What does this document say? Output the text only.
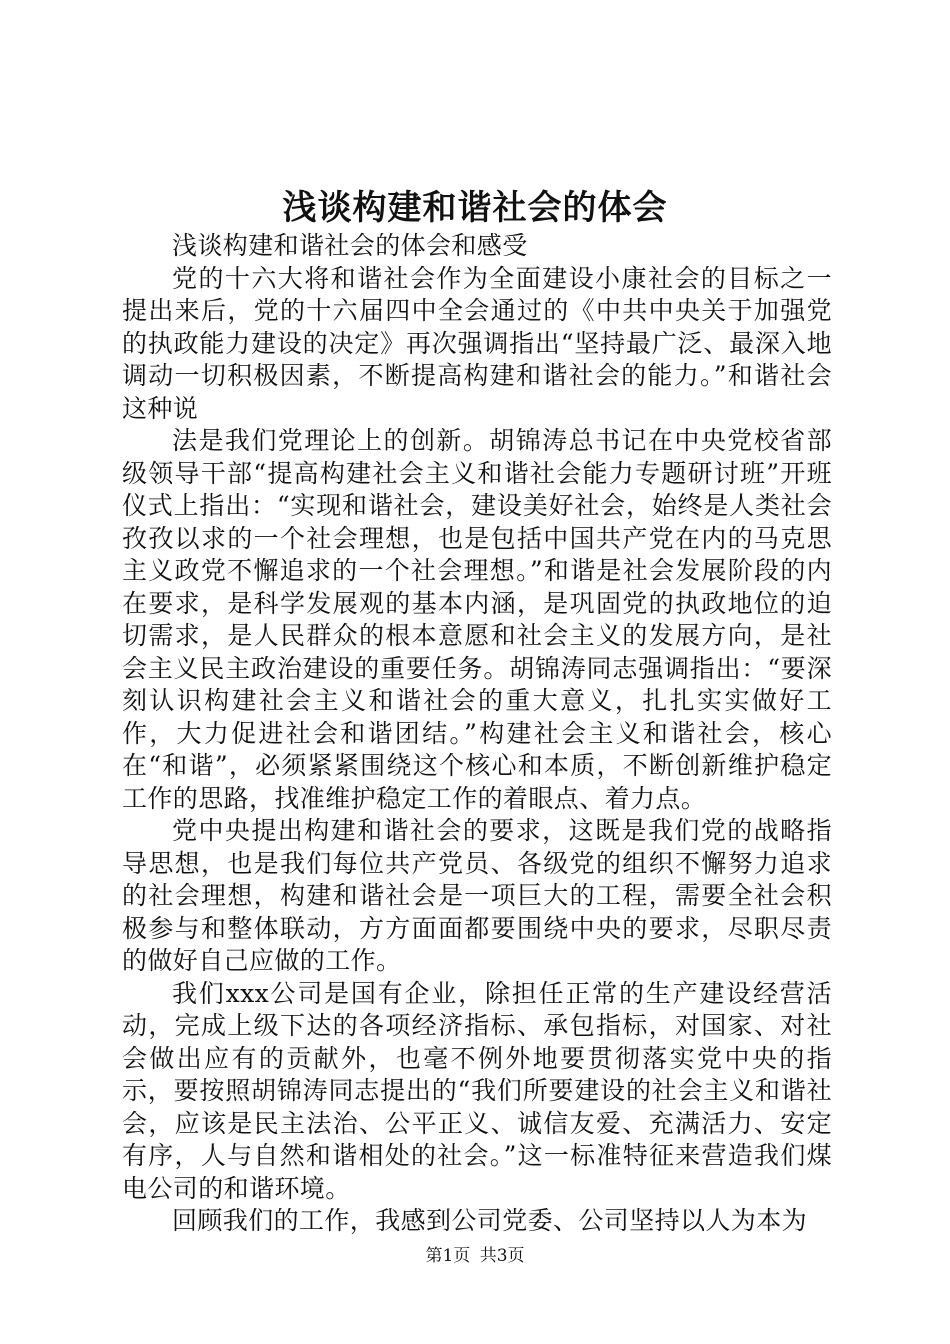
浅谈构建和谐社会的体会

浅谈构建和谐社会的体会和感受

党的十六大将和谐社会作为全面建设小康社会的目标之一提出来后，党的十六届四中全会通过的《中共中央关于加强党的执政能力建设的决定》再次强调指出“坚持最广泛、最深入地调动一切积极因素，不断提高构建和谐社会的能力。”和谐社会这种说

法是我们党理论上的创新。胡锦涛总书记在中央党校省部级领导干部“提高构建社会主义和谐社会能力专题研讨班”开班仪式上指出：“实现和谐社会，建设美好社会，始终是人类社会孜孜以求的一个社会理想，也是包括中国共产党在内的马克思主义政党不懈追求的一个社会理想。”和谐是社会发展阶段的内在要求，是科学发展观的基本内涵，是巩固党的执政地位的迫切需求，是人民群众的根本意愿和社会主义的发展方向，是社会主义民主政治建设的重要任务。胡锦涛同志强调指出：“要深刻认识构建社会主义和谐社会的重大意义，扎扎实实做好工作，大力促进社会和谐团结。”构建社会主义和谐社会，核心在“和谐”，必须紧紧围绕这个核心和本质，不断创新维护稳定工作的思路，找准维护稳定工作的着眼点、着力点。

党中央提出构建和谐社会的要求，这既是我们党的战略指导思想，也是我们每位共产党员、各级党的组织不懈努力追求的社会理想，构建和谐社会是一项巨大的工程，需要全社会积极参与和整体联动，方方面面都要围绕中央的要求，尽职尽责的做好自己应做的工作。

我们xxx公司是国有企业，除担任正常的生产建设经营活动，完成上级下达的各项经济指标、承包指标，对国家、对社会做出应有的贡献外，也毫不例外地要贯彻落实党中央的指示，要按照胡锦涛同志提出的“我们所要建设的社会主义和谐社会，应该是民主法治、公平正义、诚信友爱、充满活力、安定有序，人与自然和谐相处的社会。”这一标准特征来营造我们煤电公司的和谐环境。

回顾我们的工作，我感到公司党委、公司坚持以人为本为

第1页 共3页
